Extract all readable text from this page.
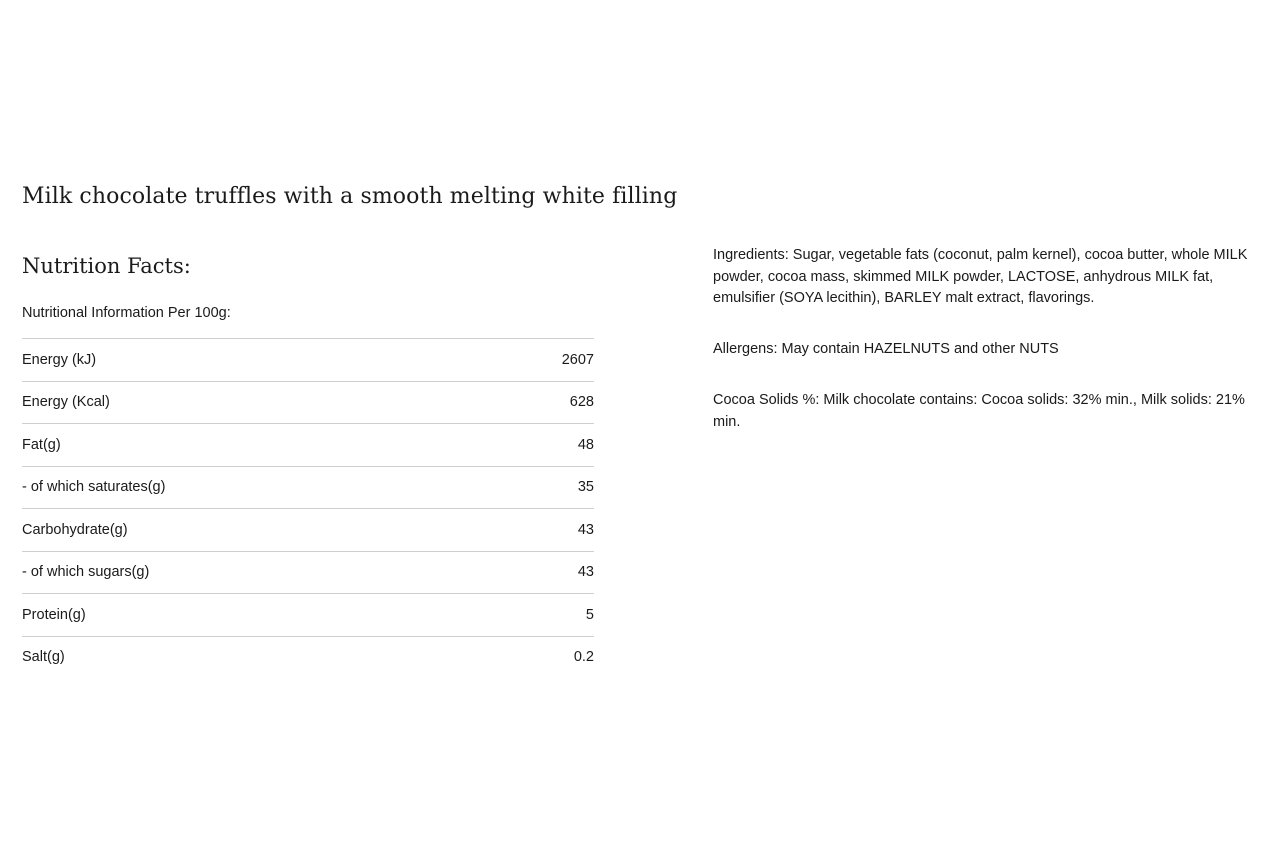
Milk chocolate truffles with a smooth melting white filling
Nutrition Facts:
Nutritional Information Per 100g:
Energy (kJ)	2607
Energy (Kcal)	628
Fat(g)	48
- of which saturates(g)	35
Carbohydrate(g)	43
- of which sugars(g)	43
Protein(g)	5
Salt(g)	0.2

Ingredients: Sugar, vegetable fats (coconut, palm kernel), cocoa butter, whole MILK powder, cocoa mass, skimmed MILK powder, LACTOSE, anhydrous MILK fat, emulsifier (SOYA lecithin), BARLEY malt extract, flavorings.

Allergens: May contain HAZELNUTS and other NUTS

Cocoa Solids %: Milk chocolate contains: Cocoa solids: 32% min., Milk solids: 21% min.
